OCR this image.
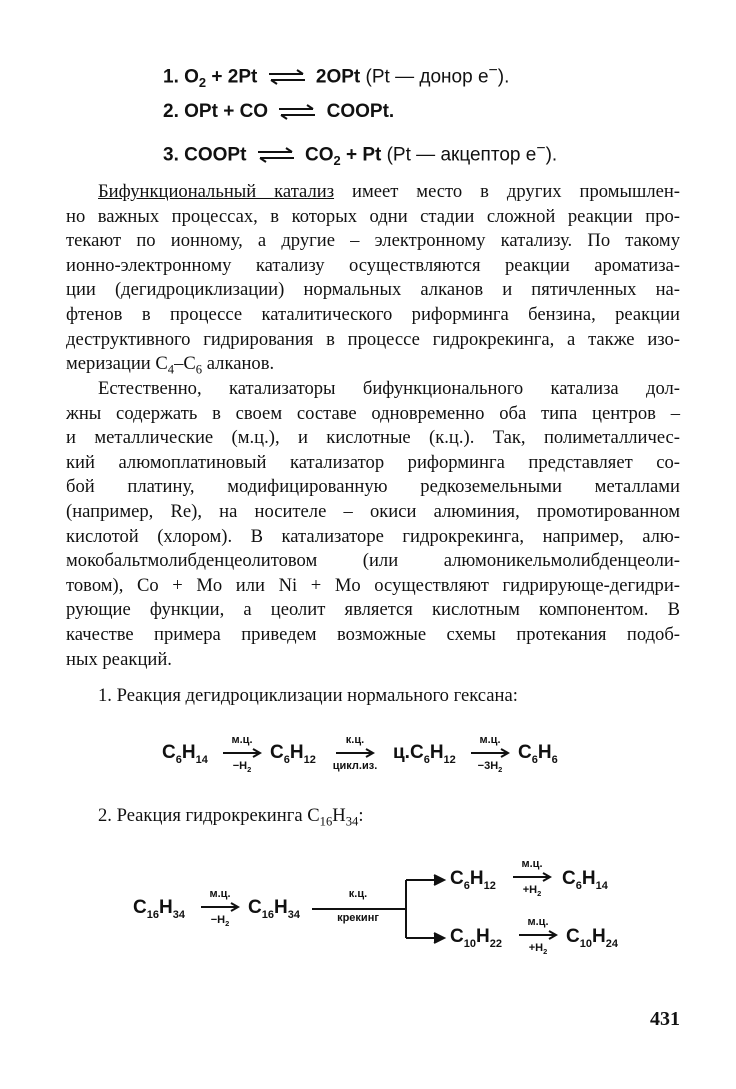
1. $O_2 + 2Pt$ ⇌ 2OPt (Pt — донор е−).
2. OPt + CO ⇌ COOPt.
3. COOPt ⇌ $CO_2 + Pt$ (Pt — акцептор е−).
Бифункциональный катализ имеет место в других промышлен-
но важных процессах, в которых одни стадии сложной реакции про-
текают по ионному, а другие – электронному катализу. По такому
ионно-электронному катализу осуществляются реакции ароматиза-
ции (дегидроциклизации) нормальных алканов и пятичленных на-
фтенов в процессе каталитического риформинга бензина, реакции
деструктивного гидрирования в процессе гидрокрекинга, а также изо-
меризации $C_4-C_6$ алканов.
Естественно, катализаторы бифункционального катализа дол-
жны содержать в своем составе одновременно оба типа центров –
и металлические (м.ц.), и кислотные (к.ц.). Так, полиметалличес-
кий алюмоплатиновый катализатор риформинга представляет со-
бой платину, модифицированную редкоземельными металлами
(например, Re), на носителе – окиси алюминия, промотированном
кислотой (хлором). В катализаторе гидрокрекинга, например, алю-
мокобальтмолибденцеолитовом (или алюмоникельмолибденцеоли-
товом), Co + Mo или Ni + Mo осуществляют гидрирующе-дегидри-
рующие функции, а цеолит является кислотным компонентом. В
качестве примера приведем возможные схемы протекания подоб-
ных реакций.
1. Реакция дегидроциклизации нормального гексана:
$C_6H_{14}$
м.ц.
$-H_2$
$C_6H_{12}$
к.ц.
цикл.из.
$ц.C_6H_{12}$
м.ц.
$-3H_2$
$C_6H_6$
2. Реакция гидрокрекинга $C_{16}H_{34}$:
$C_{16}H_{34}$
м.ц.
$-H_2$
$C_{16}H_{34}$
к.ц.
крекинг
$C_6H_{12}$
м.ц.
$+H_2$
$C_6H_{14}$
$C_{10}H_{22}$
м.ц.
$+H_2$
$C_{10}H_{24}$
431
